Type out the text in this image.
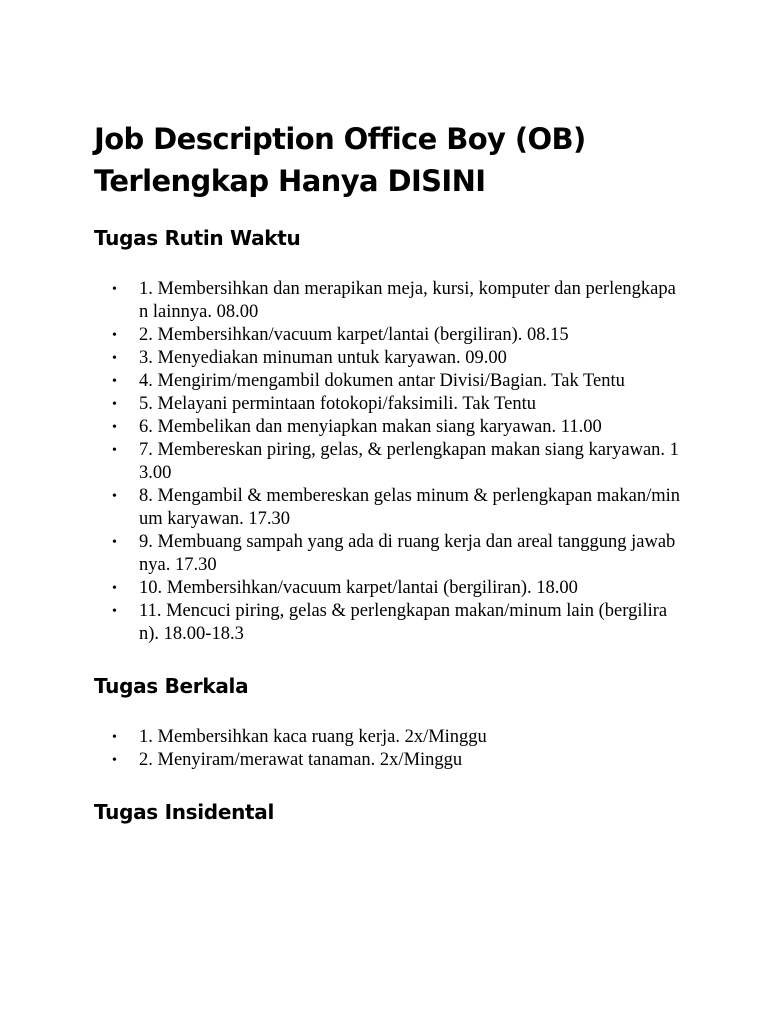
Job Description Office Boy (OB) Terlengkap Hanya DISINI
Tugas Rutin Waktu
• 1. Membersihkan dan merapikan meja, kursi, komputer dan perlengkapan lainnya. 08.00
• 2. Membersihkan/vacuum karpet/lantai (bergiliran). 08.15
• 3. Menyediakan minuman untuk karyawan. 09.00
• 4. Mengirim/mengambil dokumen antar Divisi/Bagian. Tak Tentu
• 5. Melayani permintaan fotokopi/faksimili. Tak Tentu
• 6. Membelikan dan menyiapkan makan siang karyawan. 11.00
• 7. Membereskan piring, gelas, & perlengkapan makan siang karyawan. 13.00
• 8. Mengambil & membereskan gelas minum & perlengkapan makan/minum karyawan. 17.30
• 9. Membuang sampah yang ada di ruang kerja dan areal tanggung jawabnya. 17.30
• 10. Membersihkan/vacuum karpet/lantai (bergiliran). 18.00
• 11. Mencuci piring, gelas & perlengkapan makan/minum lain (bergiliran). 18.00-18.3
Tugas Berkala
• 1. Membersihkan kaca ruang kerja. 2x/Minggu
• 2. Menyiram/merawat tanaman. 2x/Minggu
Tugas Insidental
